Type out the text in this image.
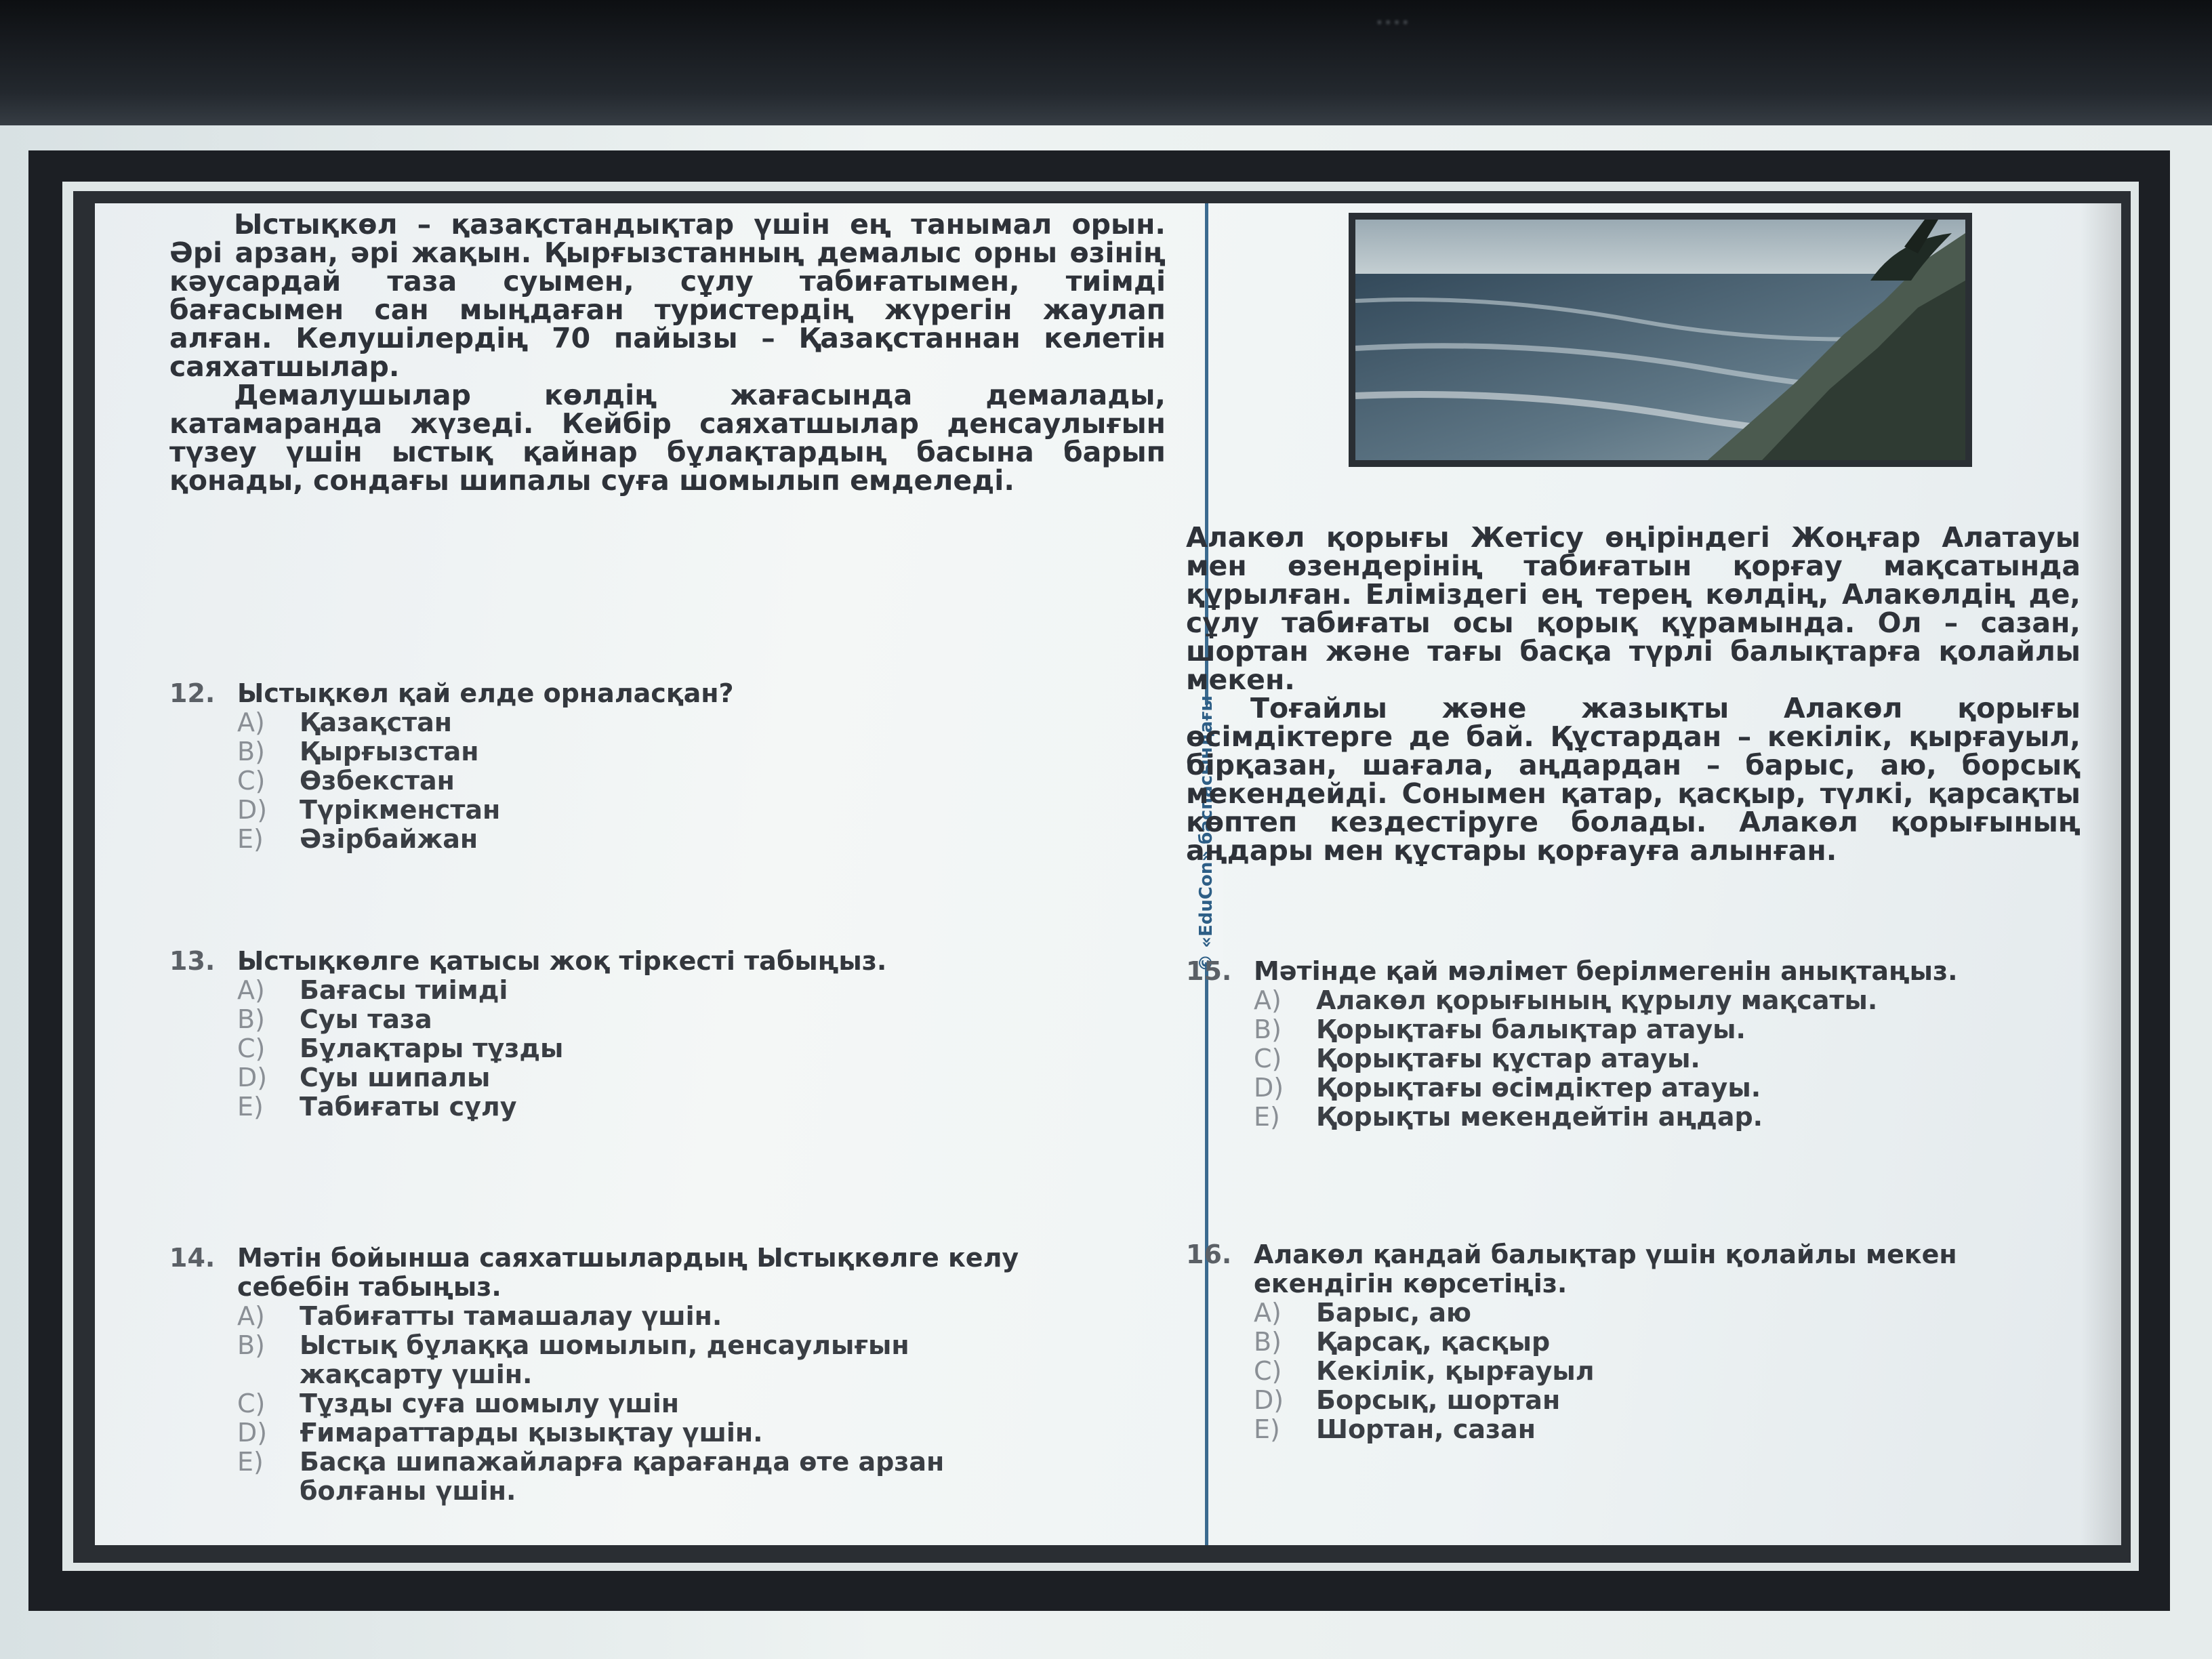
....

Ыстықкөл – қазақстандықтар үшін ең танымал орын. Әрі арзан, әрі жақын. Қырғызстанның демалыс орны өзінің кәусардай таза суымен, сұлу табиғатымен, тиімді бағасымен сан мыңдаған туристердің жүрегін жаулап алған. Келушілердің 70 пайызы – Қазақстаннан келетін саяхатшылар.

Демалушылар көлдің жағасында демалады, катамаранда жүзеді. Кейбір саяхатшылар денсаулығын түзеу үшін ыстық қайнар бұлақтардың басына барып қонады, сондағы шипалы суға шомылып емделеді.

12. Ыстықкөл қай елде орналасқан?
A)	Қазақстан
B)	Қырғызстан
C)	Өзбекстан
D)	Түрікменстан
E)	Әзірбайжан
13. Ыстықкөлге қатысы жоқ тіркесті табыңыз.
A)	Бағасы тиімді
B)	Суы таза
C)	Бұлақтары тұзды
D)	Суы шипалы
E)	Табиғаты сұлу
14. Мәтін бойынша саяхатшылардың Ыстықкөлге келу себебін табыңыз.
A)	Табиғатты тамашалау үшін.
B)	Ыстық бұлаққа шомылып, денсаулығын жақсарту үшін.
C)	Тұзды суға шомылу үшін
D)	Ғимараттарды қызықтау үшін.
E)	Басқа шипажайларға қарағанда өте арзан болғаны үшін.
© «EduCon» баспасындағы

Алакөл қорығы Жетісу өңіріндегі Жоңғар Алатауы мен өзендерінің табиғатын қорғау мақсатында құрылған. Еліміздегі ең терең көлдің, Алакөлдің де, сұлу табиғаты осы қорық құрамында. Ол – сазан, шортан және тағы басқа түрлі балықтарға қолайлы мекен.

Тоғайлы және жазықты Алакөл қорығы өсімдіктерге де бай. Құстардан – кекілік, қырғауыл, бірқазан, шағала, аңдардан – барыс, аю, борсық мекендейді. Сонымен қатар, қасқыр, түлкі, қарсақты көптеп кездестіруге болады. Алакөл қорығының аңдары мен құстары қорғауға алынған.

15. Мәтінде қай мәлімет берілмегенін анықтаңыз.
A)	Алакөл қорығының құрылу мақсаты.
B)	Қорықтағы балықтар атауы.
C)	Қорықтағы құстар атауы.
D)	Қорықтағы өсімдіктер атауы.
E)	Қорықты мекендейтін аңдар.
16. Алакөл қандай балықтар үшін қолайлы мекен екендігін көрсетіңіз.
A)	Барыс, аю
B)	Қарсақ, қасқыр
C)	Кекілік, қырғауыл
D)	Борсық, шортан
E)	Шортан, сазан
